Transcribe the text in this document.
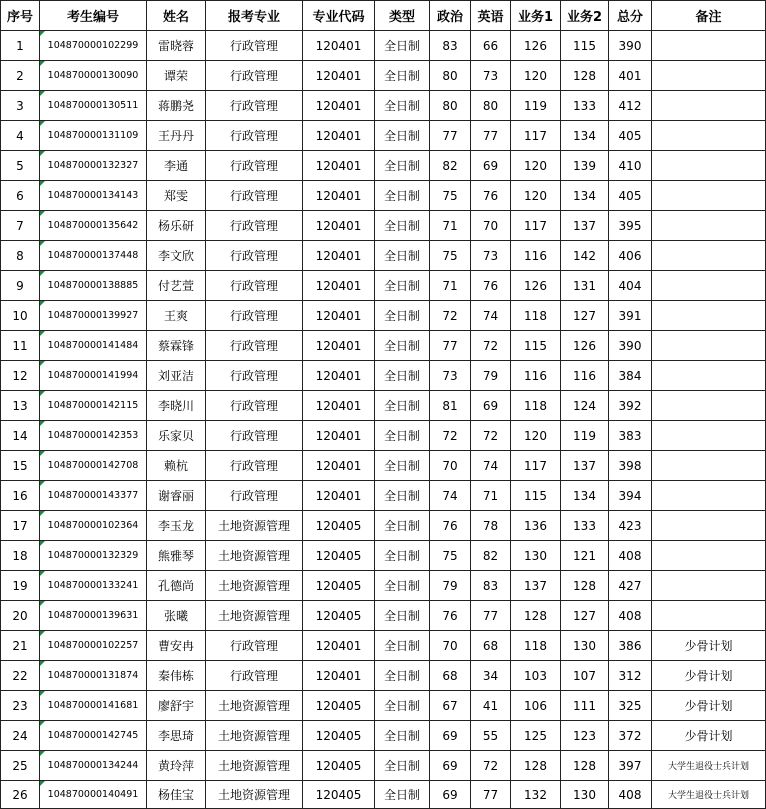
序号	考生编号	姓名	报考专业	专业代码	类型	政治	英语	业务1	业务2	总分	备注
1	104870000102299	雷晓蓉	行政管理	120401	全日制	83	66	126	115	390	
2	104870000130090	谭荣	行政管理	120401	全日制	80	73	120	128	401	
3	104870000130511	蒋鹏尧	行政管理	120401	全日制	80	80	119	133	412	
4	104870000131109	王丹丹	行政管理	120401	全日制	77	77	117	134	405	
5	104870000132327	李通	行政管理	120401	全日制	82	69	120	139	410	
6	104870000134143	郑雯	行政管理	120401	全日制	75	76	120	134	405	
7	104870000135642	杨乐研	行政管理	120401	全日制	71	70	117	137	395	
8	104870000137448	李文欣	行政管理	120401	全日制	75	73	116	142	406	
9	104870000138885	付艺萱	行政管理	120401	全日制	71	76	126	131	404	
10	104870000139927	王爽	行政管理	120401	全日制	72	74	118	127	391	
11	104870000141484	蔡霖锋	行政管理	120401	全日制	77	72	115	126	390	
12	104870000141994	刘亚洁	行政管理	120401	全日制	73	79	116	116	384	
13	104870000142115	李晓川	行政管理	120401	全日制	81	69	118	124	392	
14	104870000142353	乐家贝	行政管理	120401	全日制	72	72	120	119	383	
15	104870000142708	赖杭	行政管理	120401	全日制	70	74	117	137	398	
16	104870000143377	谢睿丽	行政管理	120401	全日制	74	71	115	134	394	
17	104870000102364	李玉龙	土地资源管理	120405	全日制	76	78	136	133	423	
18	104870000132329	熊雅琴	土地资源管理	120405	全日制	75	82	130	121	408	
19	104870000133241	孔德尚	土地资源管理	120405	全日制	79	83	137	128	427	
20	104870000139631	张曦	土地资源管理	120405	全日制	76	77	128	127	408	
21	104870000102257	曹安冉	行政管理	120401	全日制	70	68	118	130	386	少骨计划
22	104870000131874	秦伟栋	行政管理	120401	全日制	68	34	103	107	312	少骨计划
23	104870000141681	廖舒宇	土地资源管理	120405	全日制	67	41	106	111	325	少骨计划
24	104870000142745	李思琦	土地资源管理	120405	全日制	69	55	125	123	372	少骨计划
25	104870000134244	黄玲萍	土地资源管理	120405	全日制	69	72	128	128	397	大学生退役士兵计划
26	104870000140491	杨佳宝	土地资源管理	120405	全日制	69	77	132	130	408	大学生退役士兵计划
